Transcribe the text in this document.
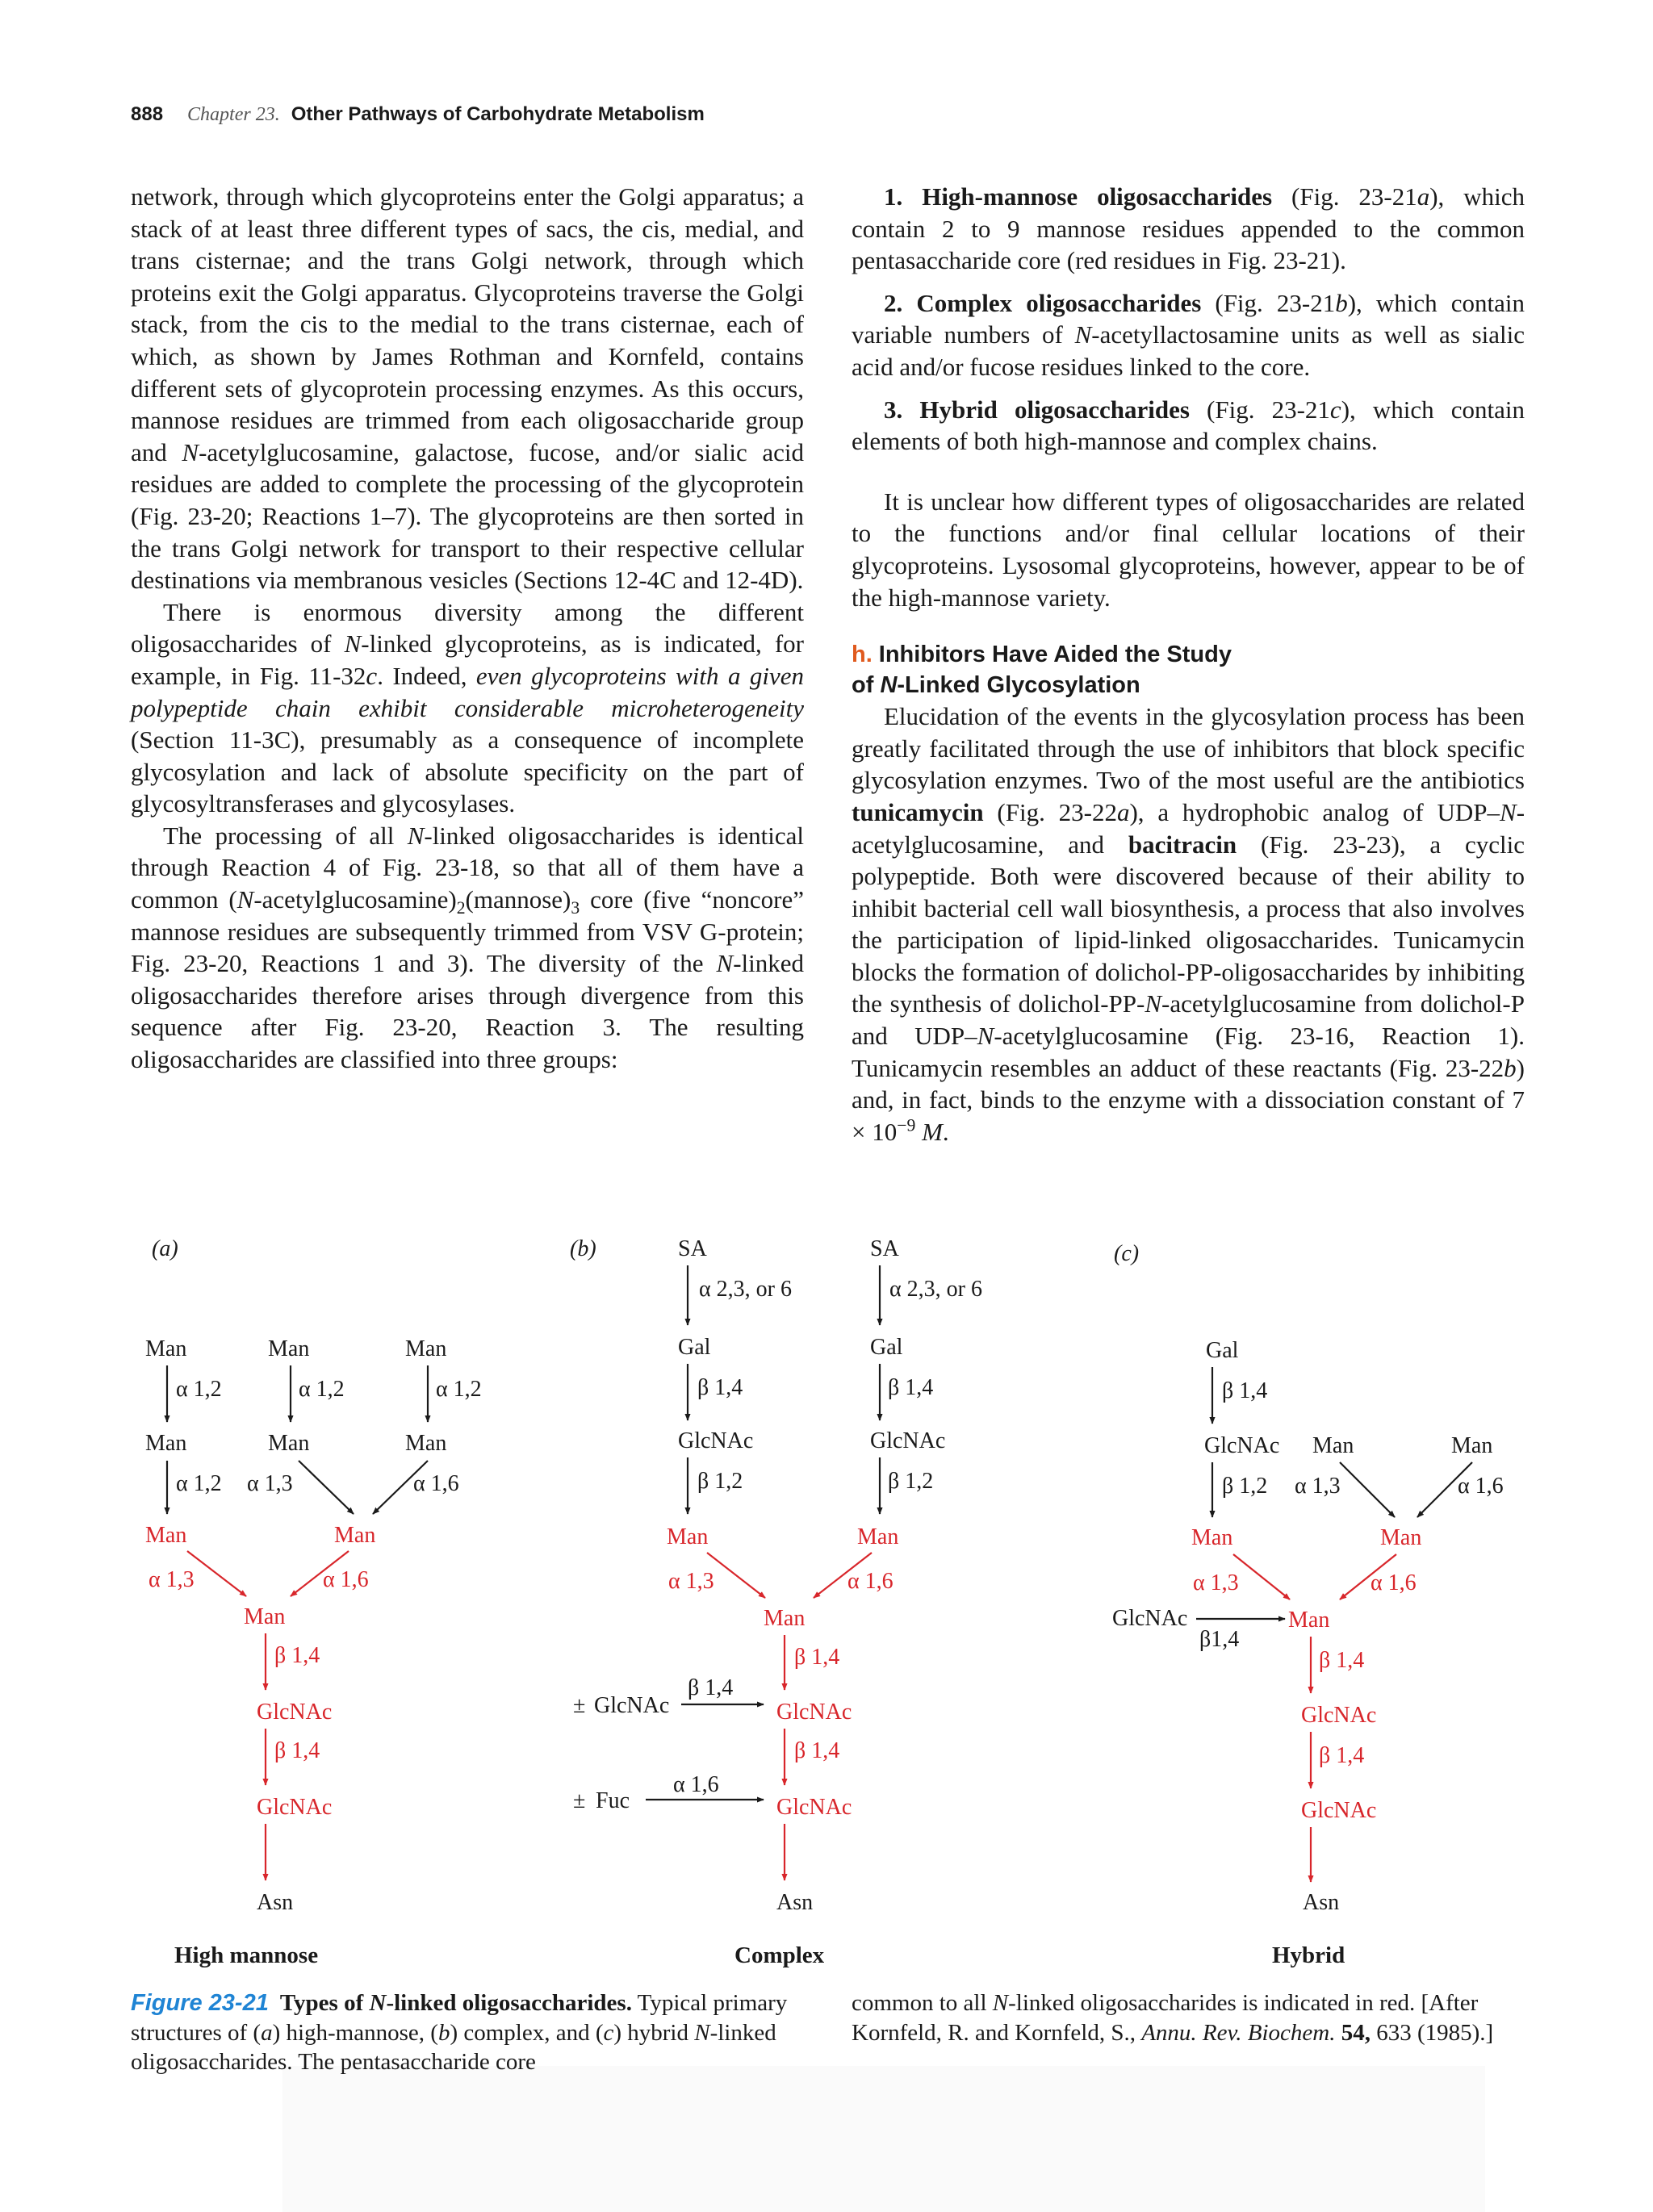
888 Chapter 23. Other Pathways of Carbohydrate Metabolism

network, through which glycoproteins enter the Golgi apparatus; a stack of at least three different types of sacs, the cis, medial, and trans cisternae; and the trans Golgi network, through which proteins exit the Golgi apparatus. Glycoproteins traverse the Golgi stack, from the cis to the medial to the trans cisternae, each of which, as shown by James Rothman and Kornfeld, contains different sets of glycoprotein processing enzymes. As this occurs, mannose residues are trimmed from each oligosaccharide group and N-acetylglucosamine, galactose, fucose, and/or sialic acid residues are added to complete the processing of the glycoprotein (Fig. 23-20; Reactions 1–7). The glycoproteins are then sorted in the trans Golgi network for transport to their respective cellular destinations via membranous vesicles (Sections 12-4C and 12-4D).

There is enormous diversity among the different oligosaccharides of N-linked glycoproteins, as is indicated, for example, in Fig. 11-32c. Indeed, even glycoproteins with a given polypeptide chain exhibit considerable microheterogeneity (Section 11-3C), presumably as a consequence of incomplete glycosylation and lack of absolute specificity on the part of glycosyltransferases and glycosylases.

The processing of all N-linked oligosaccharides is identical through Reaction 4 of Fig. 23-18, so that all of them have a common $(N-acetylglucosamine)_2(mannose)_3$ core (five “noncore” mannose residues are subsequently trimmed from VSV G-protein; Fig. 23-20, Reactions 1 and 3). The diversity of the N-linked oligosaccharides therefore arises through divergence from this sequence after Fig. 23-20, Reaction 3. The resulting oligosaccharides are classified into three groups:

1. High-mannose oligosaccharides (Fig. 23-21a), which contain 2 to 9 mannose residues appended to the common pentasaccharide core (red residues in Fig. 23-21).

2. Complex oligosaccharides (Fig. 23-21b), which contain variable numbers of N-acetyllactosamine units as well as sialic acid and/or fucose residues linked to the core.

3. Hybrid oligosaccharides (Fig. 23-21c), which contain elements of both high-mannose and complex chains.

It is unclear how different types of oligosaccharides are related to the functions and/or final cellular locations of their glycoproteins. Lysosomal glycoproteins, however, appear to be of the high-mannose variety.

h. Inhibitors Have Aided the Study
of N-Linked Glycosylation

Elucidation of the events in the glycosylation process has been greatly facilitated through the use of inhibitors that block specific glycosylation enzymes. Two of the most useful are the antibiotics tunicamycin (Fig. 23-22a), a hydrophobic analog of UDP–N-acetylglucosamine, and bacitracin (Fig. 23-23), a cyclic polypeptide. Both were discovered because of their ability to inhibit bacterial cell wall biosynthesis, a process that also involves the participation of lipid-linked oligosaccharides. Tunicamycin blocks the formation of dolichol-PP-oligosaccharides by inhibiting the synthesis of dolichol-PP-N-acetylglucosamine from dolichol-P and UDP–N-acetylglucosamine (Fig. 23-16, Reaction 1). Tunicamycin resembles an adduct of these reactants (Fig. 23-22b) and, in fact, binds to the enzyme with a dissociation constant of $7 \times 10^{-9}$ M.

(a)
Man	Man	Man
α 1,2	α 1,2	α 1,2
Man	Man	Man
α 1,2 α 1,3	α 1,6
Man	Man
α 1,3	α 1,6
Man
β 1,4
GlcNAc
β 1,4
GlcNAc
Asn
High mannose
(b)	SA	SA
α 2,3, or 6	α 2,3, or 6
Gal	Gal
β 1,4	β 1,4
GlcNAc	GlcNAc
β 1,2	β 1,2
Man	Man
α 1,3	α 1,6
Man
β 1,4
GlcNAc
β 1,4
GlcNAc
Asn
± GlcNAc
β 1,4
± Fuc
α 1,6
Complex
(c)
Gal
β 1,4
GlcNAc Man	Man
β 1,2 α 1,3	α 1,6
Man	Man
α 1,3	α 1,6
GlcNAc
β1,4
Man
β 1,4
GlcNAc
β 1,4
GlcNAc
Asn
Hybrid
Figure 23-21 Types of N-linked oligosaccharides. Typical primary structures of (a) high-mannose, (b) complex, and (c) hybrid N-linked oligosaccharides. The pentasaccharide core
common to all N-linked oligosaccharides is indicated in red. [After Kornfeld, R. and Kornfeld, S., Annu. Rev. Biochem. 54, 633 (1985).]
